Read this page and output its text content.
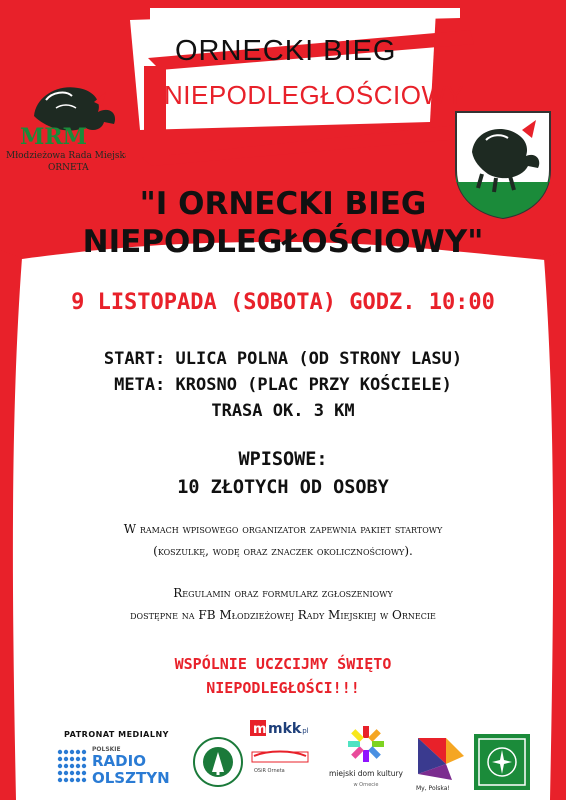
ORNECKI BIEG
NIEPODLEGŁOŚCIOWY
MRM
Młodzieżowa Rada Miejska
ORNETA
"I ORNECKI BIEG
NIEPODLEGŁOŚCIOWY"
9 LISTOPADA (SOBOTA) GODZ. 10:00
START: ULICA POLNA (OD STRONY LASU)
META: KROSNO (PLAC PRZY KOŚCIELE)
TRASA OK. 3 KM
WPISOWE:
10 ZŁOTYCH OD OSOBY
W ramach wpisowego organizator zapewnia pakiet startowy
(koszulkę, wodę oraz znaczek okolicznościowy).
Regulamin oraz formularz zgłoszeniowy
dostępne na FB Młodzieżowej Rady Miejskiej w Ornecie
WSPÓLNIE UCZCIJMY ŚWIĘTO
NIEPODLEGŁOŚCI!!!
PATRONAT MEDIALNY
POLSKIE
RADIO
OLSZTYN
m mkk
.pl
OSiR Orneta	miejski dom kultury
w Ornecie	My, Polska!
